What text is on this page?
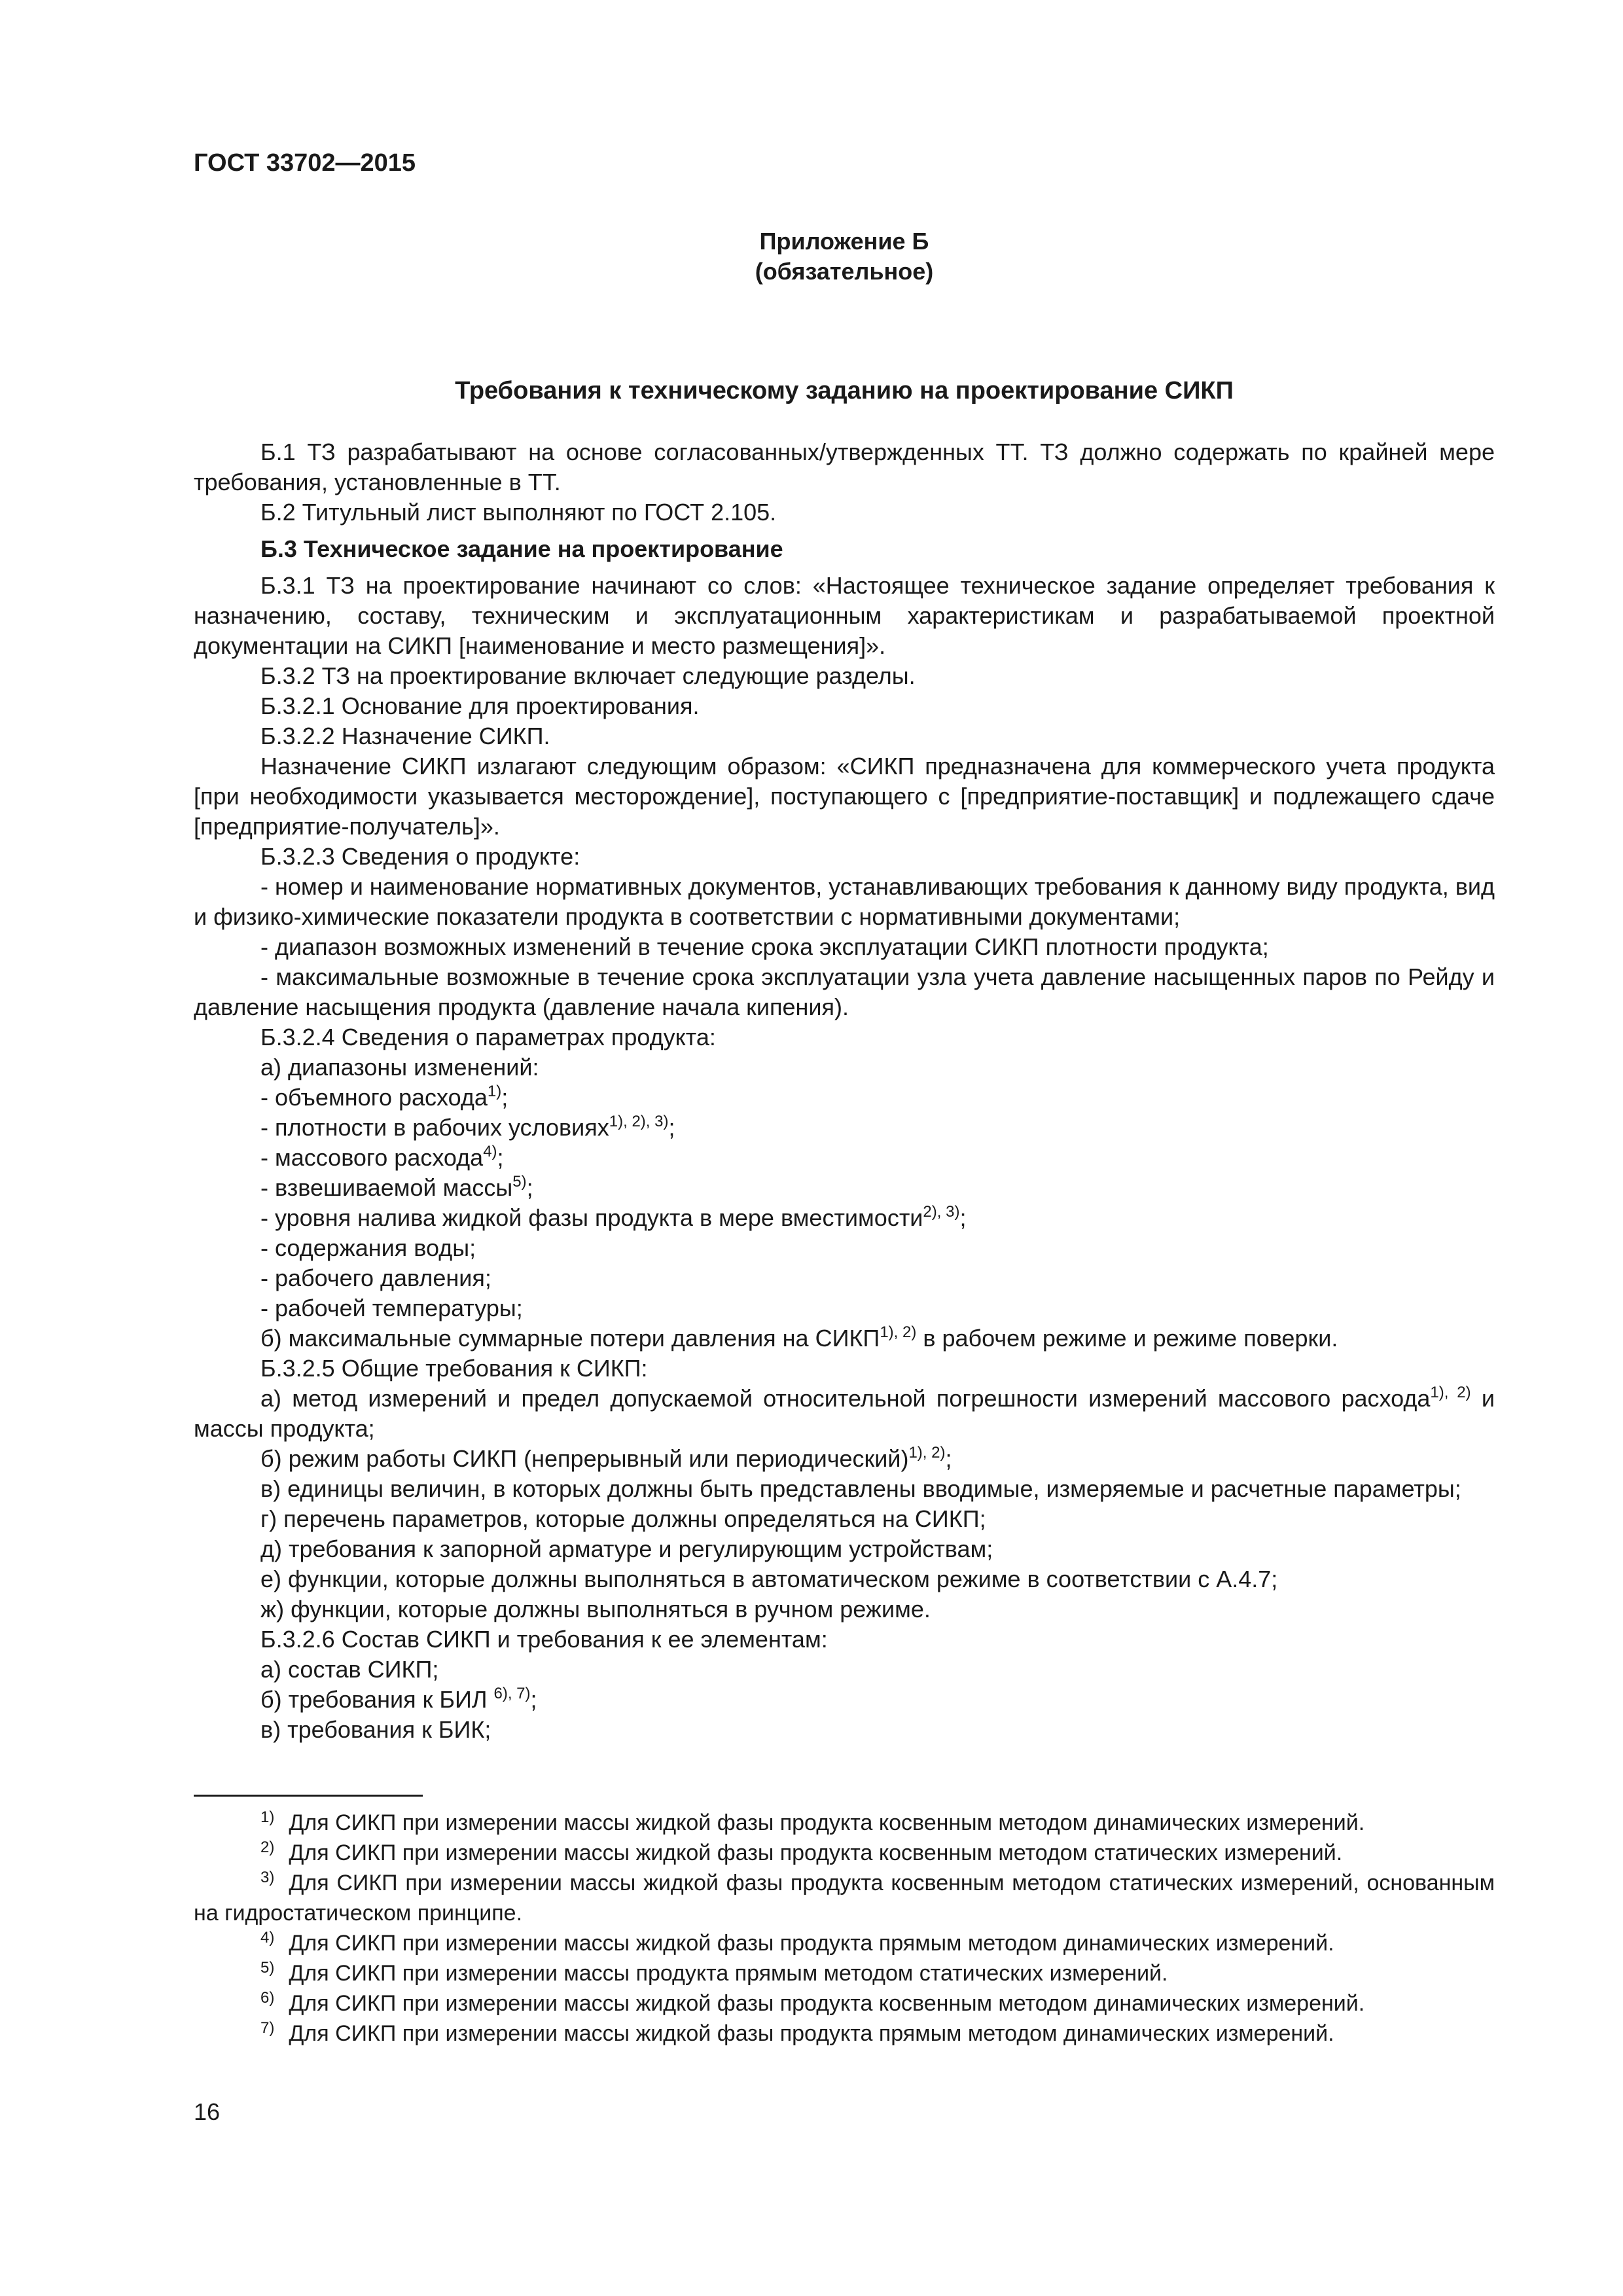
ГОСТ 33702—2015
Приложение Б
(обязательное)
Требования к техническому заданию на проектирование СИКП

Б.1 ТЗ разрабатывают на основе согласованных/утвержденных ТТ. ТЗ должно содержать по крайней мере требования, установленные в ТТ.

Б.2 Титульный лист выполняют по ГОСТ 2.105.

Б.3 Техническое задание на проектирование

Б.3.1 ТЗ на проектирование начинают со слов: «Настоящее техническое задание определяет требования к назначению, составу, техническим и эксплуатационным характеристикам и разрабатываемой проектной документации на СИКП [наименование и место размещения]».

Б.3.2 ТЗ на проектирование включает следующие разделы.

Б.3.2.1 Основание для проектирования.

Б.3.2.2 Назначение СИКП.

Назначение СИКП излагают следующим образом: «СИКП предназначена для коммерческого учета продукта [при необходимости указывается месторождение], поступающего с [предприятие-поставщик] и подлежащего сдаче [предприятие-получатель]».

Б.3.2.3 Сведения о продукте:

- номер и наименование нормативных документов, устанавливающих требования к данному виду продукта, вид и физико-химические показатели продукта в соответствии с нормативными документами;

- диапазон возможных изменений в течение срока эксплуатации СИКП плотности продукта;

- максимальные возможные в течение срока эксплуатации узла учета давление насыщенных паров по Рейду и давление насыщения продукта (давление начала кипения).

Б.3.2.4 Сведения о параметрах продукта:

а) диапазоны изменений:

- объемного расхода$^{1)}$;

- плотности в рабочих условиях$^{1), 2), 3)}$;

- массового расхода$^{4)}$;

- взвешиваемой массы$^{5)}$;

- уровня налива жидкой фазы продукта в мере вместимости$^{2), 3)}$;

- содержания воды;

- рабочего давления;

- рабочей температуры;

б) максимальные суммарные потери давления на $СИКП^{1), 2)}$ в рабочем режиме и режиме поверки.

Б.3.2.5 Общие требования к СИКП:

а) метод измерений и предел допускаемой относительной погрешности измерений массового расхода$^{1), 2)}$ и массы продукта;

б) режим работы СИКП (непрерывный или периодический)$^{1), 2)}$;

в) единицы величин, в которых должны быть представлены вводимые, измеряемые и расчетные параметры;

г) перечень параметров, которые должны определяться на СИКП;

д) требования к запорной арматуре и регулирующим устройствам;

е) функции, которые должны выполняться в автоматическом режиме в соответствии с А.4.7;

ж) функции, которые должны выполняться в ручном режиме.

Б.3.2.6 Состав СИКП и требования к ее элементам:

а) состав СИКП;

б) требования к БИЛ $^{6), 7)}$;

в) требования к БИК;

$^{1)}$ Для СИКП при измерении массы жидкой фазы продукта косвенным методом динамических измерений.

$^{2)}$ Для СИКП при измерении массы жидкой фазы продукта косвенным методом статических измерений.

$^{3)}$ Для СИКП при измерении массы жидкой фазы продукта косвенным методом статических измерений, основанным на гидростатическом принципе.

$^{4)}$ Для СИКП при измерении массы жидкой фазы продукта прямым методом динамических измерений.

$^{5)}$ Для СИКП при измерении массы продукта прямым методом статических измерений.

$^{6)}$ Для СИКП при измерении массы жидкой фазы продукта косвенным методом динамических измерений.

$^{7)}$ Для СИКП при измерении массы жидкой фазы продукта прямым методом динамических измерений.

16
